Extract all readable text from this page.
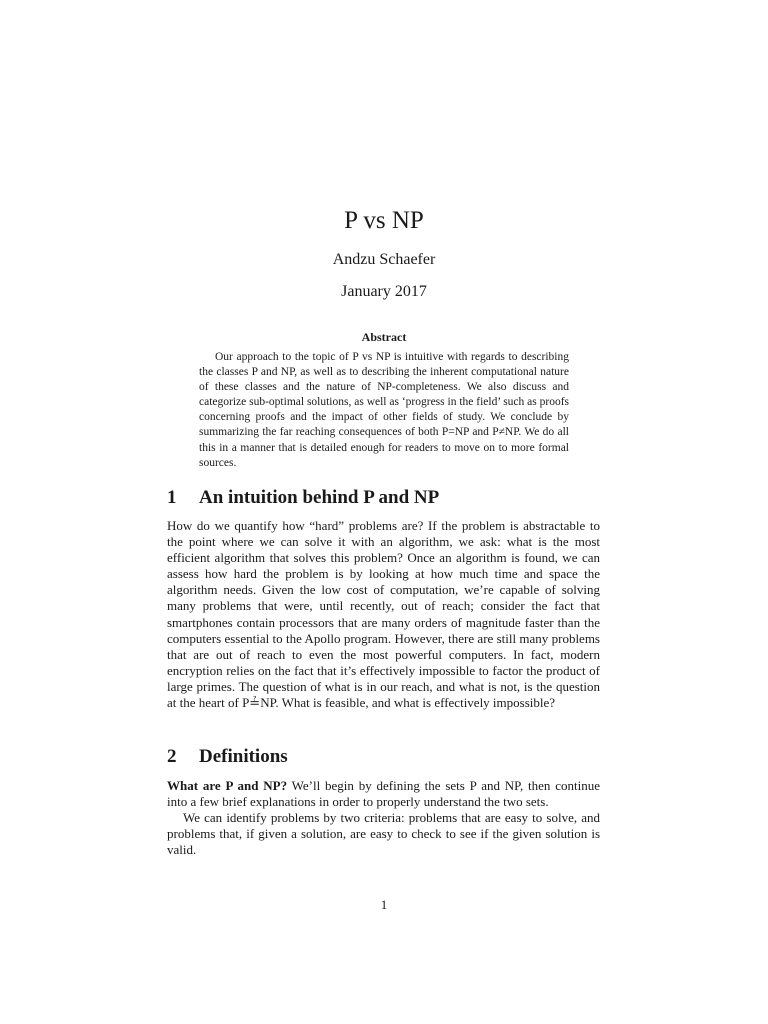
P vs NP
Andzu Schaefer
January 2017
Abstract

Our approach to the topic of P vs NP is intuitive with regards to describing the classes P and NP, as well as to describing the inherent computational nature of these classes and the nature of NP-completeness. We also discuss and categorize sub-optimal solutions, as well as ‘progress in the field’ such as proofs concerning proofs and the impact of other fields of study. We conclude by summarizing the far reaching consequences of both P=NP and P≠NP. We do all this in a manner that is detailed enough for readers to move on to more formal sources.

1 An intuition behind P and NP

How do we quantify how “hard” problems are? If the problem is abstractable to the point where we can solve it with an algorithm, we ask: what is the most efficient algorithm that solves this problem? Once an algorithm is found, we can assess how hard the problem is by looking at how much time and space the algorithm needs. Given the low cost of computation, we’re capable of solving many problems that were, until recently, out of reach; consider the fact that smartphones contain processors that are many orders of magnitude faster than the computers essential to the Apollo program. However, there are still many problems that are out of reach to even the most powerful computers. In fact, modern encryption relies on the fact that it’s effectively impossible to factor the product of large primes. The question of what is in our reach, and what is not, is the question at the heart of P≟NP. What is feasible, and what is effectively impossible?

2 Definitions

What are P and NP? We’ll begin by defining the sets P and NP, then continue into a few brief explanations in order to properly understand the two sets.

We can identify problems by two criteria: problems that are easy to solve, and problems that, if given a solution, are easy to check to see if the given solution is valid.

1
